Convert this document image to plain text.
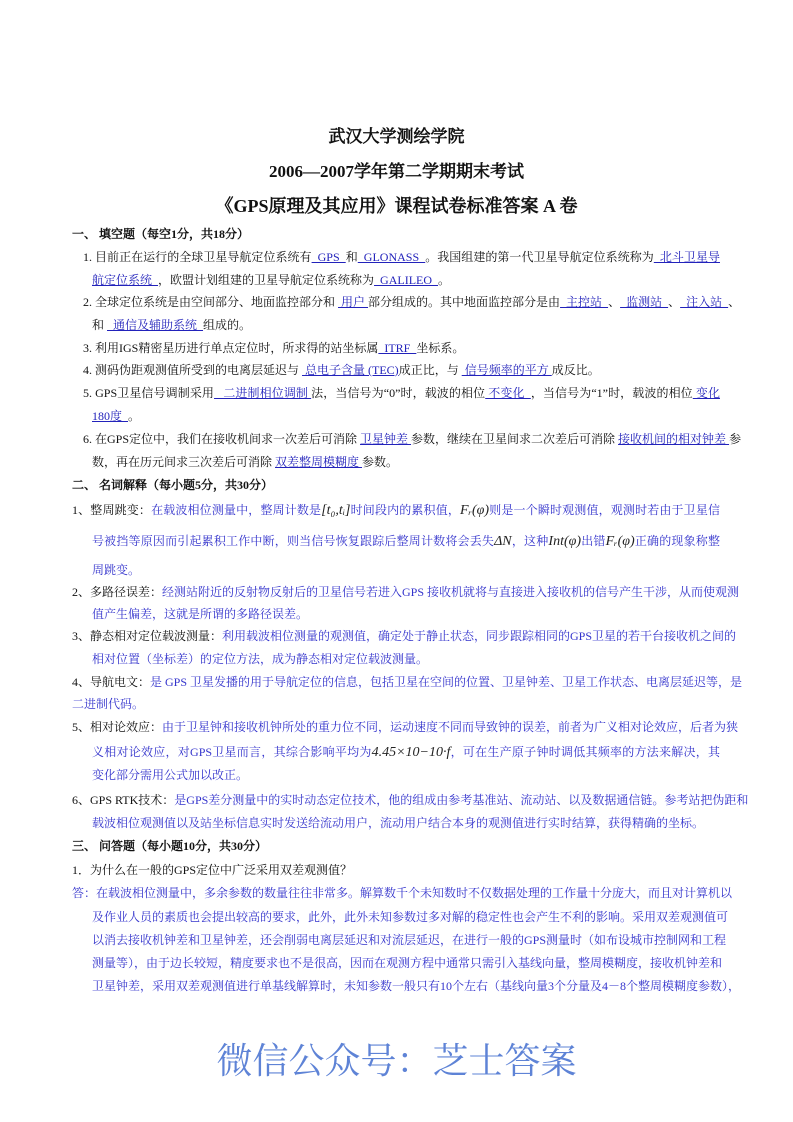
武汉大学测绘学院
2006—2007学年第二学期期末考试
《GPS原理及其应用》课程试卷标准答案 A 卷
一、 填空题（每空1分，共18分）
1. 目前正在运行的全球卫星导航定位系统有  GPS  和  GLONASS  。我国组建的第一代卫星导航定位系统称为  北斗卫星导
航定位系统  ，欧盟计划组建的卫星导航定位系统称为  GALILEO  。
2. 全球定位系统是由空间部分、地面监控部分和  用户 部分组成的。其中地面监控部分是由  主控站  、  监测站  、  注入站  、
和   通信及辅助系统  组成的。
3. 利用IGS精密星历进行单点定位时，所求得的站坐标属  ITRF  坐标系。
4. 测码伪距观测值所受到的电离层延迟与  总电子含量 (TEC)成正比，与  信号频率的平方 成反比。
5. GPS卫星信号调制采用   二进制相位调制 法，当信号为“0”时，载波的相位 不变化  ，当信号为“1”时，载波的相位 变化
180度  。
6. 在GPS定位中，我们在接收机间求一次差后可消除 卫星钟差 参数，继续在卫星间求二次差后可消除 接收机间的相对钟差 参
数，再在历元间求三次差后可消除 双差整周模糊度 参数。
二、 名词解释（每小题5分，共30分）
1、整周跳变：在载波相位测量中，整周计数是[t₀,tᵢ]时间段内的累积值，Fᵣ(φ)则是一个瞬时观测值，观测时若由于卫星信
号被挡等原因而引起累积工作中断，则当信号恢复跟踪后整周计数将会丢失ΔN，这种Int(φ)出错Fᵣ(φ)正确的现象称整
周跳变。
2、多路径误差：经测站附近的反射物反射后的卫星信号若进入GPS 接收机就将与直接进入接收机的信号产生干涉，从而使观测
值产生偏差，这就是所谓的多路径误差。
3、静态相对定位载波测量：利用载波相位测量的观测值，确定处于静止状态，同步跟踪相同的GPS卫星的若干台接收机之间的
相对位置（坐标差）的定位方法，成为静态相对定位载波测量。
4、导航电文：是 GPS 卫星发播的用于导航定位的信息，包括卫星在空间的位置、卫星钟差、卫星工作状态、电离层延迟等，是
二进制代码。
5、相对论效应：由于卫星钟和接收机钟所处的重力位不同，运动速度不同而导致钟的误差，前者为广义相对论效应，后者为狭
义相对论效应，对GPS卫星而言，其综合影响平均为4.45×10−10·f，可在生产原子钟时调低其频率的方法来解决，其
变化部分需用公式加以改正。
6、GPS RTK技术：是GPS差分测量中的实时动态定位技术，他的组成由参考基准站、流动站、以及数据通信链。参考站把伪距和
载波相位观测值以及站坐标信息实时发送给流动用户，流动用户结合本身的观测值进行实时结算，获得精确的坐标。
三、 问答题（每小题10分，共30分）
1．为什么在一般的GPS定位中广泛采用双差观测值？
答：在载波相位测量中，多余参数的数量往往非常多。解算数千个未知数时不仅数据处理的工作量十分庞大，而且对计算机以
及作业人员的素质也会提出较高的要求，此外，此外未知参数过多对解的稳定性也会产生不利的影响。采用双差观测值可
以消去接收机钟差和卫星钟差，还会削弱电离层延迟和对流层延迟，在进行一般的GPS测量时（如布设城市控制网和工程
测量等），由于边长较短，精度要求也不是很高，因而在观测方程中通常只需引入基线向量，整周模糊度，接收机钟差和
卫星钟差，采用双差观测值进行单基线解算时，未知参数一般只有10个左右（基线向量3个分量及4－8个整周模糊度参数），
微信公众号：芝士答案
